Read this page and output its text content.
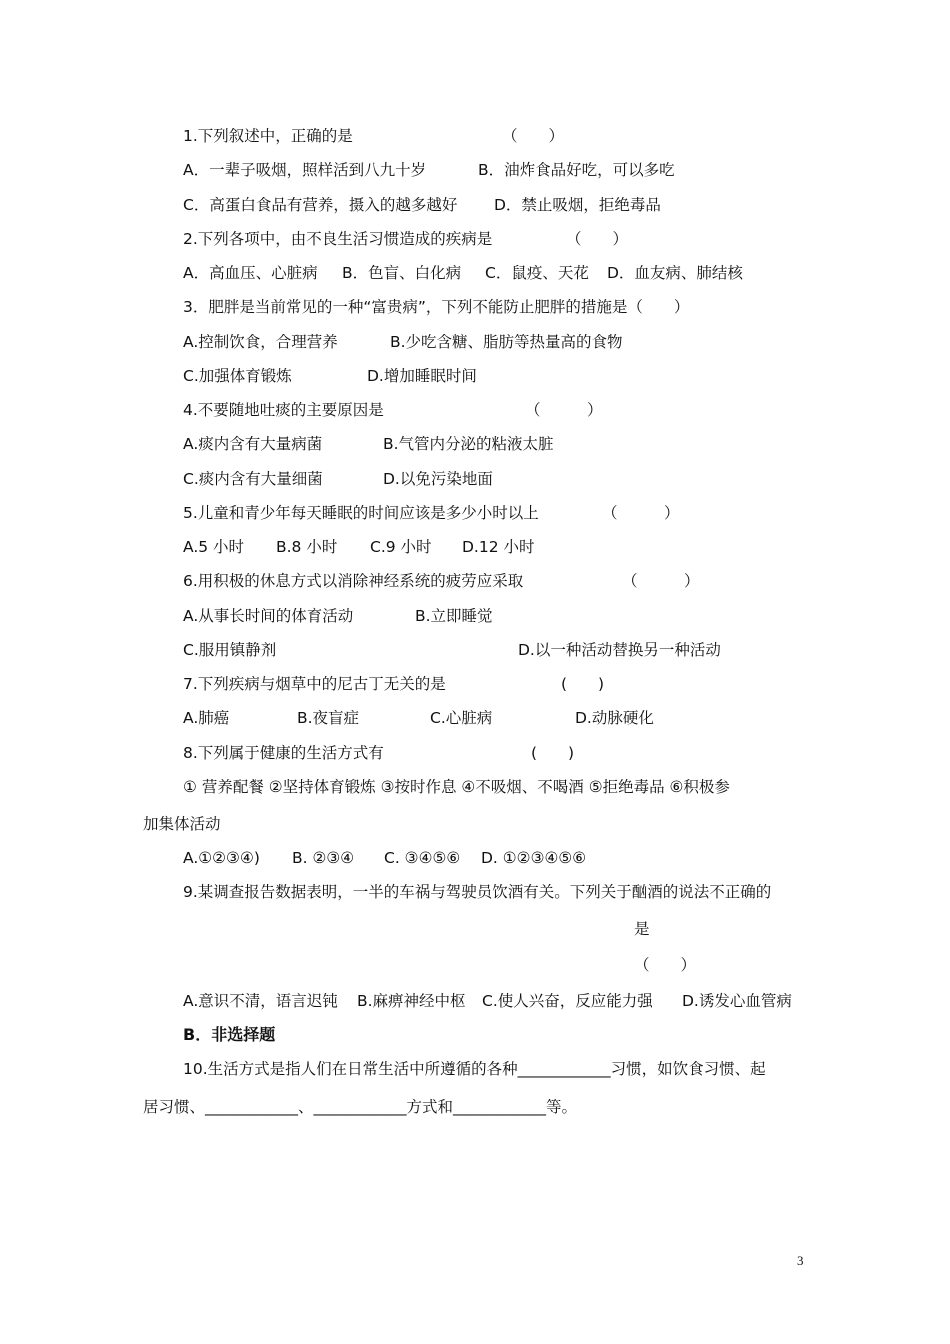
1.下列叙述中，正确的是	（　　）
A．一辈子吸烟，照样活到八九十岁	B．油炸食品好吃，可以多吃
C．高蛋白食品有营养，摄入的越多越好 D．禁止吸烟，拒绝毒品
2.下列各项中，由不良生活习惯造成的疾病是	（　　）
A．高血压、心脏病 B．色盲、白化病 C．鼠疫、天花 D．血友病、肺结核
3．肥胖是当前常见的一种“富贵病”，下列不能防止肥胖的措施是（　　）
A.控制饮食，合理营养	B.少吃含糖、脂肪等热量高的食物
C.加强体育锻炼	D.增加睡眠时间
4.不要随地吐痰的主要原因是	（　　　）
A.痰内含有大量病菌	B.气管内分泌的粘液太脏
C.痰内含有大量细菌	D.以免污染地面
5.儿童和青少年每天睡眠的时间应该是多少小时以上	（　　　）
A.5 小时 B.8 小时 C.9 小时 D.12 小时
6.用积极的休息方式以消除神经系统的疲劳应采取	（　　　）
A.从事长时间的体育活动	B.立即睡觉
C.服用镇静剂	D.以一种活动替换另一种活动
7.下列疾病与烟草中的尼古丁无关的是	(　　)
A.肺癌	B.夜盲症	C.心脏病	D.动脉硬化
8.下列属于健康的生活方式有	(　　)
① 营养配餐 ②坚持体育锻炼 ③按时作息 ④不吸烟、不喝酒 ⑤拒绝毒品 ⑥积极参
加集体活动
A.①②③④) B. ②③④ C. ③④⑤⑥ D. ①②③④⑤⑥
9.某调查报告数据表明，一半的车祸与驾驶员饮酒有关。下列关于酗酒的说法不正确的
是
（　　）
A.意识不清，语言迟钝 B.麻痹神经中枢 C.使人兴奋，反应能力强 D.诱发心血管病
B．非选择题
10.生活方式是指人们在日常生活中所遵循的各种____________习惯，如饮食习惯、起
居习惯、____________、____________方式和____________等。
3
